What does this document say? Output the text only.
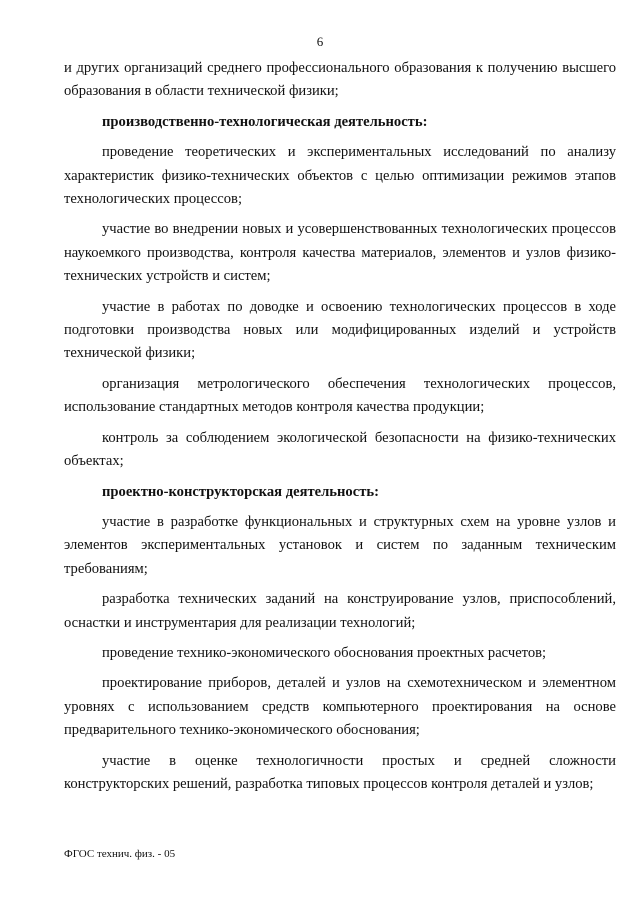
6

и других организаций среднего профессионального образования к получению высшего образования в области технической физики;

производственно-технологическая деятельность:

проведение теоретических и экспериментальных исследований по анализу характеристик физико-технических объектов с целью оптимизации режимов этапов технологических процессов;

участие во внедрении новых и усовершенствованных технологических процессов наукоемкого производства, контроля качества материалов, элементов и узлов физико-технических устройств и систем;

участие в работах по доводке и освоению технологических процессов в ходе подготовки производства новых или модифицированных изделий и устройств технической физики;

организация метрологического обеспечения технологических процессов, использование стандартных методов контроля качества продукции;

контроль за соблюдением экологической безопасности на физико-технических объектах;

проектно-конструкторская деятельность:

участие в разработке функциональных и структурных схем на уровне узлов и элементов экспериментальных установок и систем по заданным техническим требованиям;

разработка технических заданий на конструирование узлов, приспособлений, оснастки и инструментария для реализации технологий;

проведение технико-экономического обоснования проектных расчетов;

проектирование приборов, деталей и узлов на схемотехническом и элементном уровнях с использованием средств компьютерного проектирования на основе предварительного технико-экономического обоснования;

участие в оценке технологичности простых и средней сложности конструкторских решений, разработка типовых процессов контроля деталей и узлов;

ФГОС технич. физ. - 05
